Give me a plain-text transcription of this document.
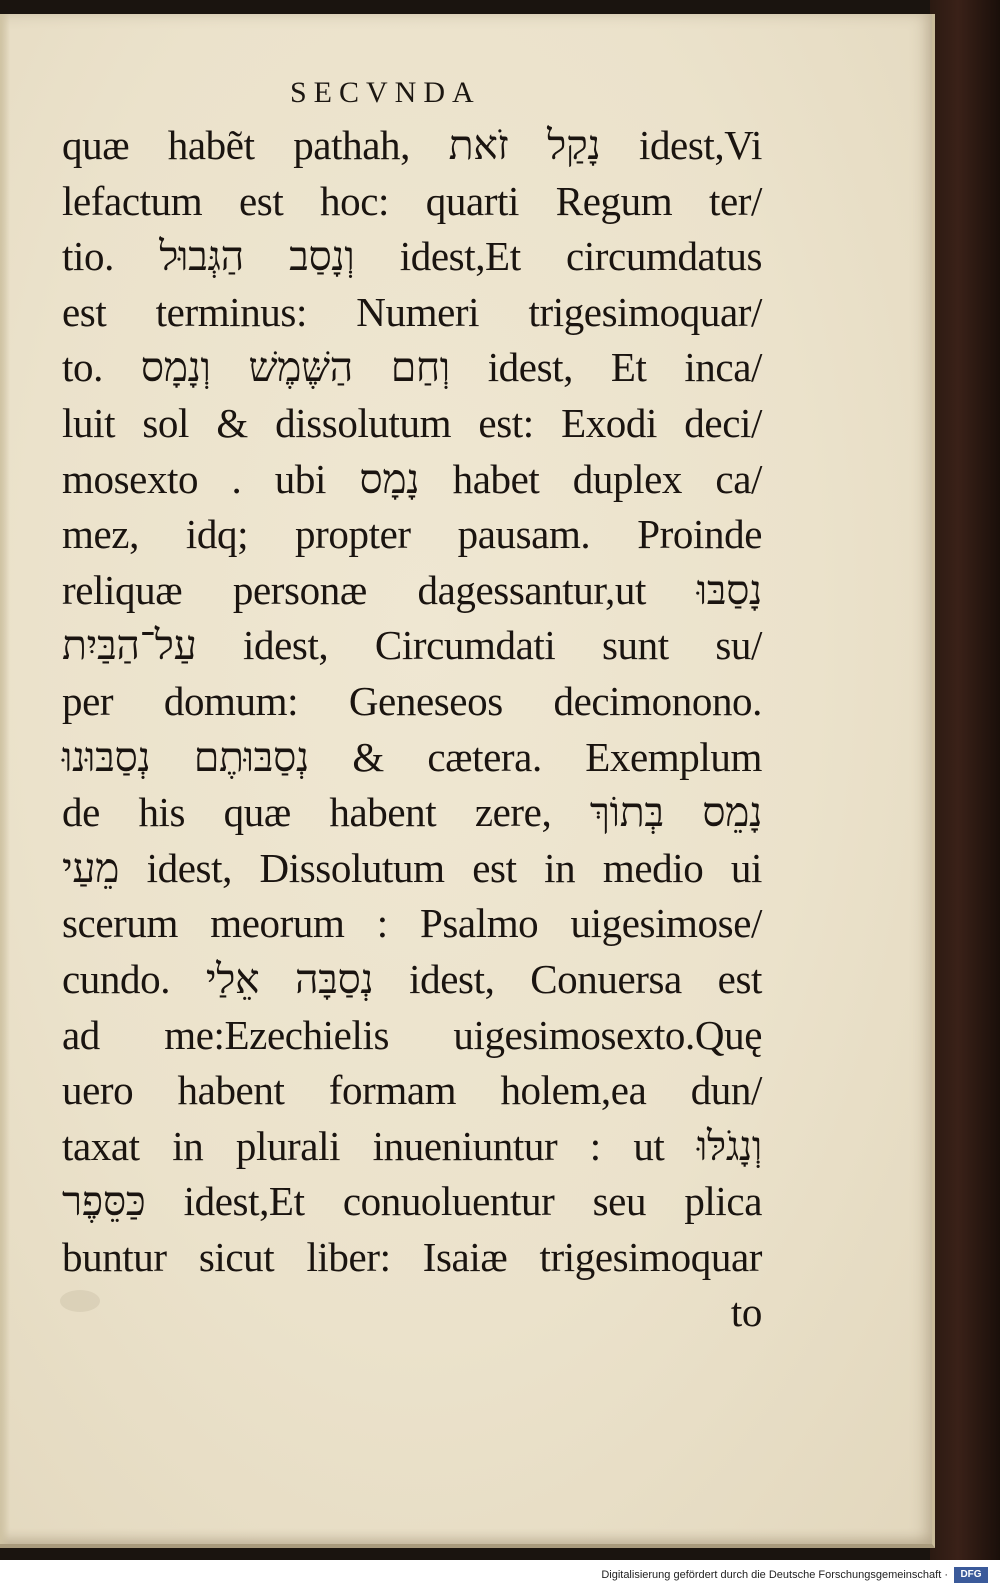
SECVNDA
quæ habẽt pathah, נָקַל זֹאת idest,Vi
lefactum est hoc: quarti Regum ter/
tio. וְנָסַב הַגְּבוּל idest,Et circumdatus
est terminus: Numeri trigesimoquar/
to. וְחַם הַשֶּׁמֶשׁ וְנָמָס idest, Et inca/
luit sol & dissolutum est: Exodi deci/
mosexto . ubi נָמָס habet duplex ca/
mez, idq; propter pausam. Proinde
reliquæ personæ dagessantur,ut נָסַבּוּ
עַל־הַבַּיִת idest, Circumdati sunt su/
per domum: Geneseos decimonono.
נְסַבּוּתֶם נְסַבּוּנוּ & cætera. Exemplum
de his quæ habent zere, נָמֵס בְּתוֹךְ
מֵעַי idest, Dissolutum est in medio ui
scerum meorum : Psalmo uigesimose/
cundo. נְסַבָּה אֵלַי idest, Conuersa est
ad me:Ezechielis uigesimosexto.Quę
uero habent formam holem,ea dun/
taxat in plurali inueniuntur : ut וְנָגֹלּוּ
כַּסֵּפֶר idest,Et conuoluentur seu plica
buntur sicut liber: Isaiæ trigesimoquar
to
Digitalisierung gefördert durch die Deutsche Forschungsgemeinschaft ·	DFG
